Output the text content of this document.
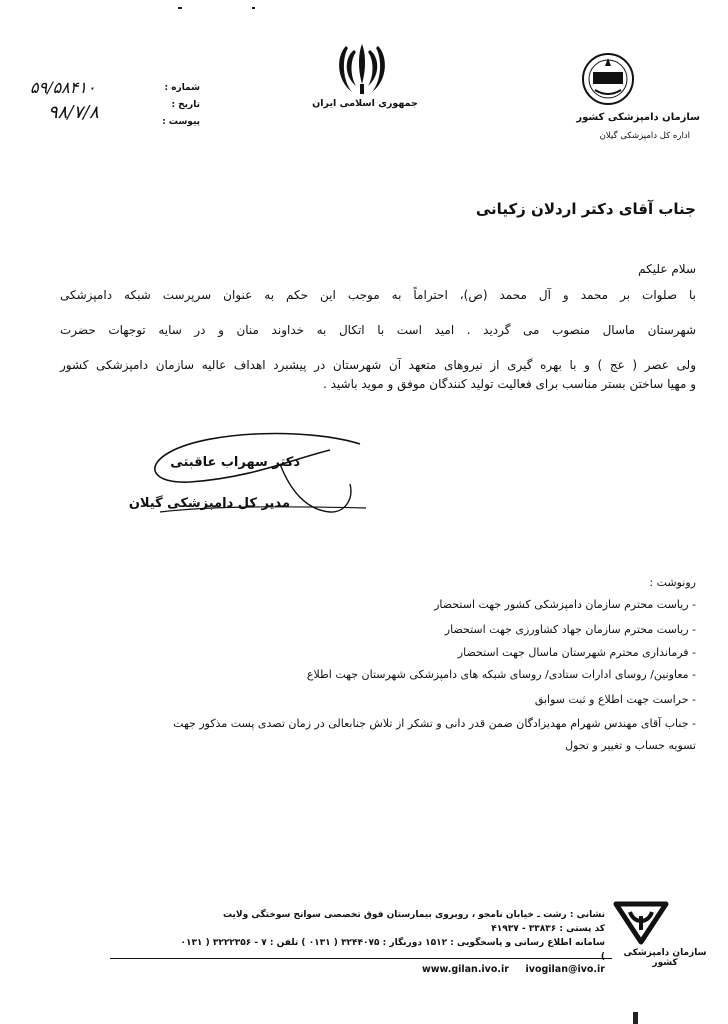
شماره :
تاریخ :
پیوست :
۵۹/۵۸۴۱۰
۹۸/۷/۸	جمهوری اسلامی ایران
سازمان دامپزشکی کشور
اداره کل دامپزشکی گیلان
جناب آقای دکتر اردلان زکیانی
سلام علیکم
با صلوات بر محمد و آل محمد (ص)، احتراماً به موجب این حکم به عنوان سرپرست شبکه دامپزشکی
شهرستان ماسال منصوب می گردید . امید است با اتکال به خداوند منان و در سایه توجهات حضرت
ولی عصر ( عج ) و با بهره گیری از نیروهای متعهد آن شهرستان در پیشبرد اهداف عالیه سازمان دامپزشکی کشور
و مهیا ساختن بستر مناسب برای فعالیت تولید کنندگان موفق و موید باشید .
دکتر سهراب عاقبتی
مدیر کل دامپزشکی گیلان
رونوشت :
- ریاست محترم سازمان دامپزشکی کشور جهت استحضار
- ریاست محترم سازمان جهاد کشاورزی جهت استحضار
- فرمانداری محترم شهرستان ماسال جهت استحضار
- معاونین/ روسای ادارات ستادی/ روسای شبکه های دامپزشکی شهرستان جهت اطلاع
- حراست جهت اطلاع و ثبت سوابق
- جناب آقای مهندس شهرام مهدیزادگان ضمن قدر دانی و تشکر از تلاش جنابعالی در زمان تصدی پست مذکور جهت
تسویه حساب و تغییر و تحول
نشانی : رشت ـ خیابان نامجو ، روبروی بیمارستان فوق تخصصی سوانح سوختگی ولایت
کد پستی : ۳۳۸۳۶ - ۴۱۹۳۷
سامانه اطلاع رسانی و پاسخگویی : ۱۵۱۲ دورنگار : ۳۲۴۴۰۷۵ ( ۰۱۳۱ ) تلفن : ۷ - ۳۲۲۲۳۵۶ ( ۰۱۳۱ )
www.gilan.ivo.ir ivogilan@ivo.ir
سازمان دامپزشکی کشور
